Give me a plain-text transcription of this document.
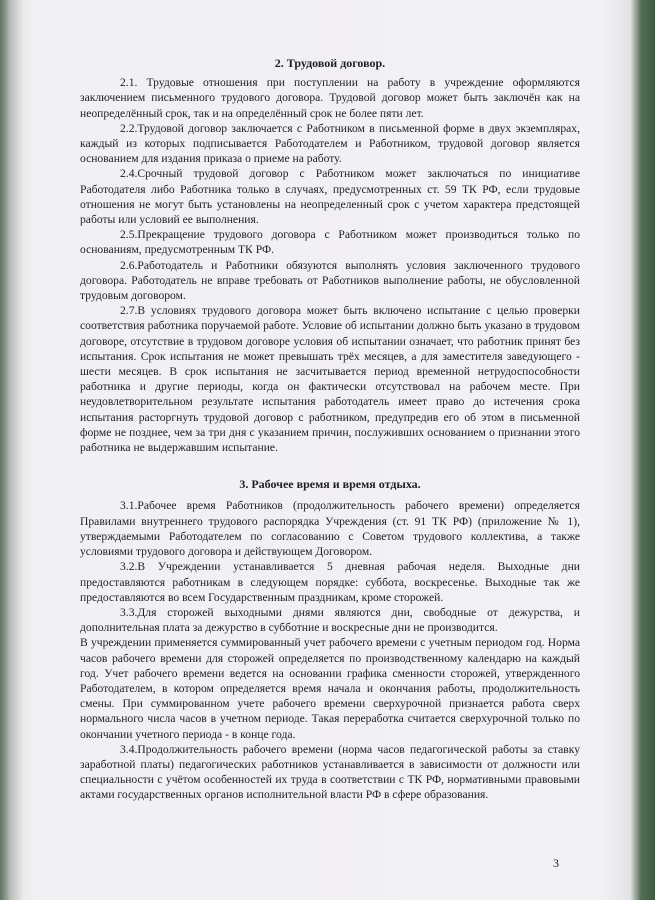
2. Трудовой договор.

2.1. Трудовые отношения при поступлении на работу в учреждение оформляются заключением письменного трудового договора. Трудовой договор может быть заключён как на неопределённый срок, так и на определённый срок не более пяти лет.

2.2.Трудовой договор заключается с Работником в письменной форме в двух экземплярах, каждый из которых подписывается Работодателем и Работником, трудовой договор является основанием для издания приказа о приеме на работу.

2.4.Срочный трудовой договор с Работником может заключаться по инициативе Работодателя либо Работника только в случаях, предусмотренных ст. 59 ТК РФ, если трудовые отношения не могут быть установлены на неопределенный срок с учетом характера предстоящей работы или условий ее выполнения.

2.5.Прекращение трудового договора с Работником может производиться только по основаниям, предусмотренным ТК РФ.

2.6.Работодатель и Работники обязуются выполнять условия заключенного трудового договора. Работодатель не вправе требовать от Работников выполнение работы, не обусловленной трудовым договором.

2.7.В условиях трудового договора может быть включено испытание с целью проверки соответствия работника поручаемой работе. Условие об испытании должно быть указано в трудовом договоре, отсутствие в трудовом договоре условия об испытании означает, что работник принят без испытания. Срок испытания не может превышать трёх месяцев, а для заместителя заведующего - шести месяцев. В срок испытания не засчитывается период временной нетрудоспособности работника и другие периоды, когда он фактически отсутствовал на рабочем месте. При неудовлетворительном результате испытания работодатель имеет право до истечения срока испытания расторгнуть трудовой договор с работником, предупредив его об этом в письменной форме не позднее, чем за три дня с указанием причин, послуживших основанием о признании этого работника не выдержавшим испытание.

3. Рабочее время и время отдыха.

3.1.Рабочее время Работников (продолжительность рабочего времени) определяется Правилами внутреннего трудового распорядка Учреждения (ст. 91 ТК РФ) (приложение № 1), утверждаемыми Работодателем по согласованию с Советом трудового коллектива, а также условиями трудового договора и действующем Договором.

3.2.В Учреждении устанавливается 5 дневная рабочая неделя. Выходные дни предоставляются работникам в следующем порядке: суббота, воскресенье. Выходные так же предоставляются во всем Государственным праздникам, кроме сторожей.

3.3.Для сторожей выходными днями являются дни, свободные от дежурства, и дополнительная плата за дежурство в субботние и воскресные дни не производится.

В учреждении применяется суммированный учет рабочего времени с учетным периодом год. Норма часов рабочего времени для сторожей определяется по производственному календарю на каждый год. Учет рабочего времени ведется на основании графика сменности сторожей, утвержденного Работодателем, в котором определяется время начала и окончания работы, продолжительность смены. При суммированном учете рабочего времени сверхурочной признается работа сверх нормального числа часов в учетном периоде. Такая переработка считается сверхурочной только по окончании учетного периода - в конце года.

3.4.Продолжительность рабочего времени (норма часов педагогической работы за ставку заработной платы) педагогических работников устанавливается в зависимости от должности или специальности с учётом особенностей их труда в соответствии с ТК РФ, нормативными правовыми актами государственных органов исполнительной власти РФ в сфере образования.

3
